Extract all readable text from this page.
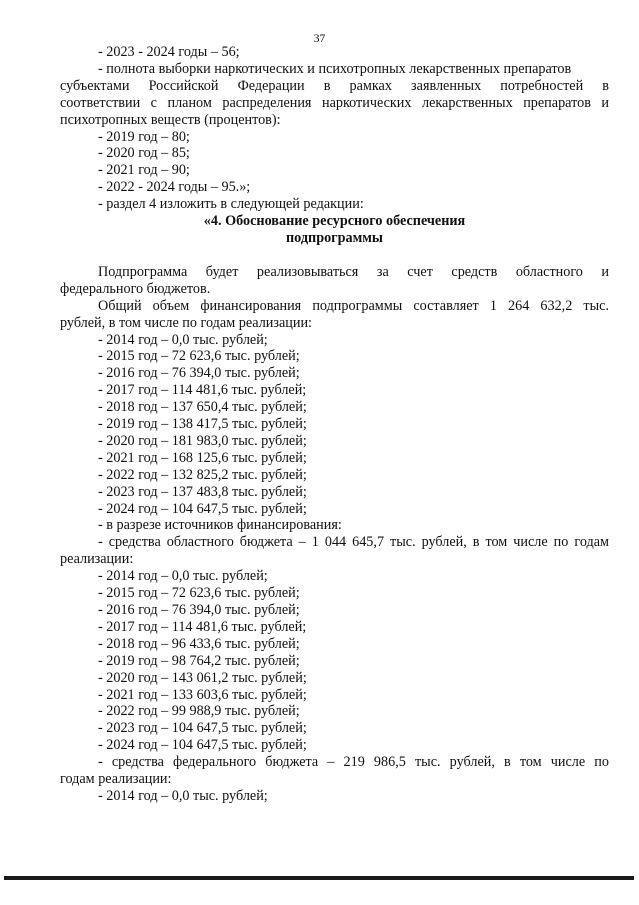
37

- 2023 - 2024 годы – 56;

- полнота выборки наркотических и психотропных лекарственных препаратов

субъектами Российской Федерации в рамках заявленных потребностей в

соответствии с планом распределения наркотических лекарственных препаратов и

психотропных веществ (процентов):

- 2019 год – 80;

- 2020 год – 85;

- 2021 год – 90;

- 2022 - 2024 годы – 95.»;

- раздел 4 изложить в следующей редакции:

«4. Обоснование ресурсного обеспечения

подпрограммы

Подпрограмма будет реализовываться за счет средств областного и

федерального бюджетов.

Общий объем финансирования подпрограммы составляет 1 264 632,2 тыс.

рублей, в том числе по годам реализации:

- 2014 год – 0,0 тыс. рублей;

- 2015 год – 72 623,6 тыс. рублей;

- 2016 год – 76 394,0 тыс. рублей;

- 2017 год – 114 481,6 тыс. рублей;

- 2018 год – 137 650,4 тыс. рублей;

- 2019 год – 138 417,5 тыс. рублей;

- 2020 год – 181 983,0 тыс. рублей;

- 2021 год – 168 125,6 тыс. рублей;

- 2022 год – 132 825,2 тыс. рублей;

- 2023 год – 137 483,8 тыс. рублей;

- 2024 год – 104 647,5 тыс. рублей;

- в разрезе источников финансирования:

- средства областного бюджета – 1 044 645,7 тыс. рублей, в том числе по годам

реализации:

- 2014 год – 0,0 тыс. рублей;

- 2015 год – 72 623,6 тыс. рублей;

- 2016 год – 76 394,0 тыс. рублей;

- 2017 год – 114 481,6 тыс. рублей;

- 2018 год – 96 433,6 тыс. рублей;

- 2019 год – 98 764,2 тыс. рублей;

- 2020 год – 143 061,2 тыс. рублей;

- 2021 год – 133 603,6 тыс. рублей;

- 2022 год – 99 988,9 тыс. рублей;

- 2023 год – 104 647,5 тыс. рублей;

- 2024 год – 104 647,5 тыс. рублей;

- средства федерального бюджета – 219 986,5 тыс. рублей, в том числе по

годам реализации:

- 2014 год – 0,0 тыс. рублей;
